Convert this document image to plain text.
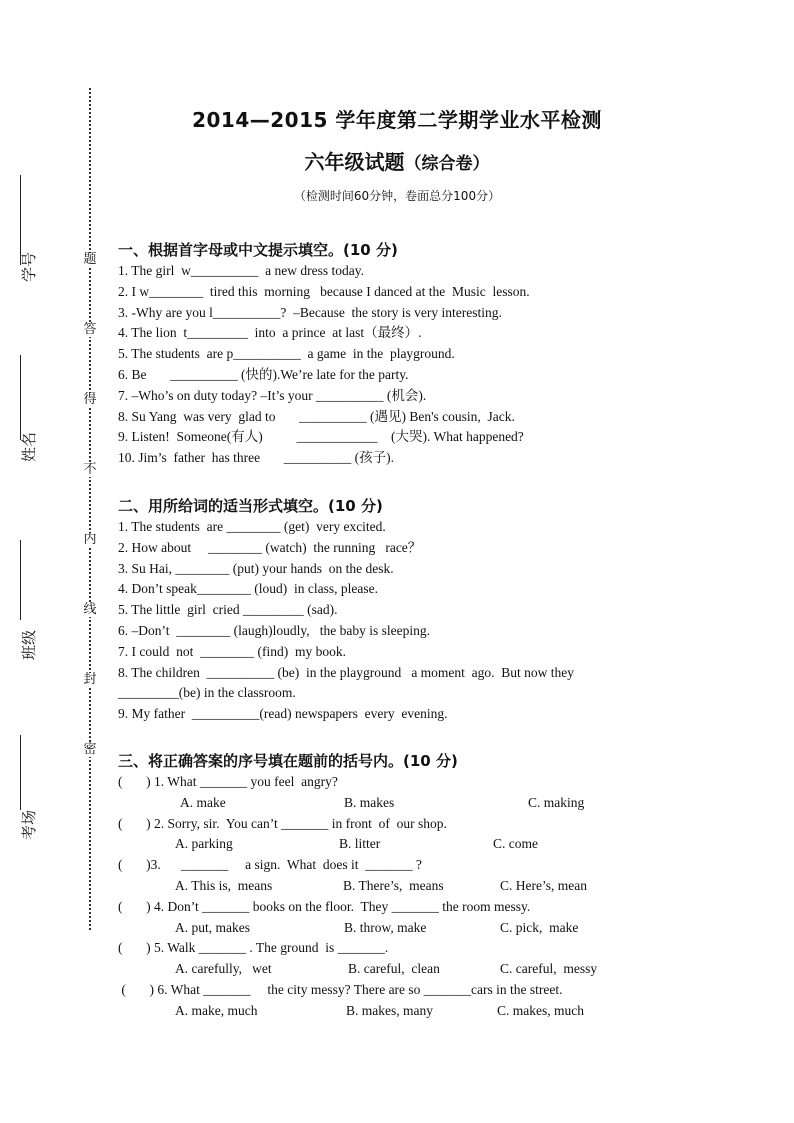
题
答
得
不
内
线
封
密
学号
姓名
班级
考场
2014—2015 学年度第二学期学业水平检测
六年级试题（综合卷）
（检测时间60分钟，卷面总分100分）
一、根据首字母或中文提示填空。(10 分)
1. The girl  w__________  a new dress today.
2. I w________  tired this  morning   because I danced at the  Music  lesson.
3. -Why are you l__________?  –Because  the story is very interesting.
4. The lion  t_________  into  a prince  at last（最终）.
5. The students  are p__________  a game  in the  playground.
6. Be       __________ (快的).We’re late for the party.
7. –Who’s on duty today? –It’s your __________ (机会).
8. Su Yang  was very  glad to       __________ (遇见) Ben's cousin,  Jack.
9. Listen!  Someone(有人)          ____________    (大哭). What happened?
10. Jim’s  father  has three       __________ (孩子).
二、用所给词的适当形式填空。(10 分)
1. The students  are ________ (get)  very excited.
2. How about     ________ (watch)  the running   race？
3. Su Hai, ________ (put) your hands  on the desk.
4. Don’t speak________ (loud)  in class, please.
5. The little  girl  cried _________ (sad).
6. –Don’t  ________ (laugh)loudly,   the baby is sleeping.
7. I could  not  ________ (find)  my book.
8. The children  __________ (be)  in the playground   a moment  ago.  But now they
_________(be) in the classroom.
9. My father  __________(read) newspapers  every  evening.
三、将正确答案的序号填在题前的括号内。(10 分)
(       ) 1. What _______ you feel  angry?
A. make	B. makes	C. making
(       ) 2. Sorry, sir.  You can’t _______ in front  of  our shop.
A. parking	B. litter	C. come
(       )3.      _______     a sign.  What  does it  _______ ?
A. This is,  means	B. There’s,  means	C. Here’s, mean
(       ) 4. Don’t _______ books on the floor.  They _______ the room messy.
A. put, makes	B. throw, make	C. pick,  make
(       ) 5. Walk _______ . The ground  is _______.
A. carefully,   wet	B. careful,  clean	C. careful,  messy
(       ) 6. What _______     the city messy? There are so _______cars in the street.
A. make, much	B. makes, many	C. makes, much
